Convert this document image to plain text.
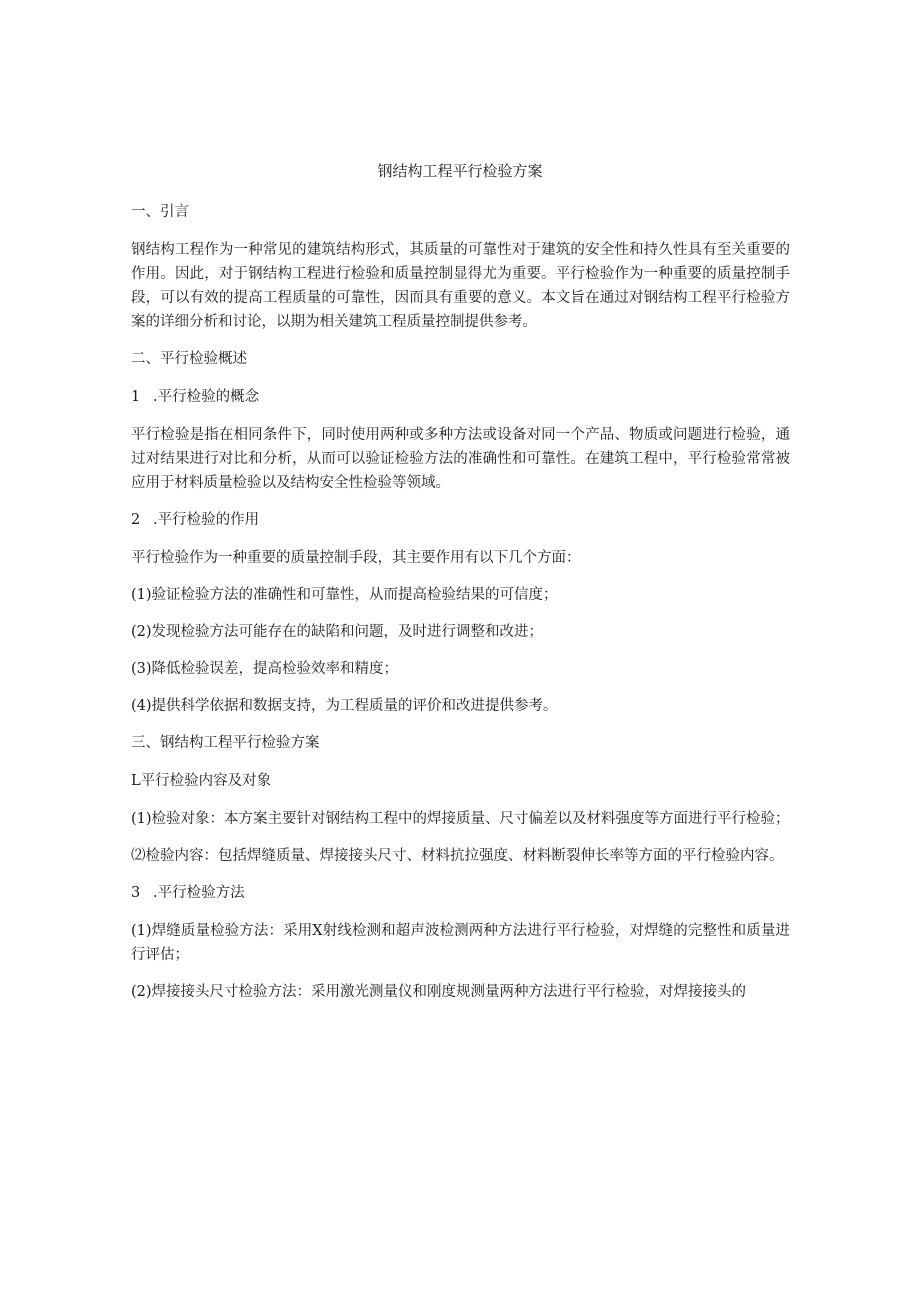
钢结构工程平行检验方案

一、引言

钢结构工程作为一种常见的建筑结构形式，其质量的可靠性对于建筑的安全性和持久性具有至关重要的作用。因此，对于钢结构工程进行检验和质量控制显得尤为重要。平行检验作为一种重要的质量控制手段，可以有效的提高工程质量的可靠性，因而具有重要的意义。本文旨在通过对钢结构工程平行检验方案的详细分析和讨论，以期为相关建筑工程质量控制提供参考。

二、平行检验概述

1 .平行检验的概念

平行检验是指在相同条件下，同时使用两种或多种方法或设备对同一个产品、物质或问题进行检验，通过对结果进行对比和分析，从而可以验证检验方法的准确性和可靠性。在建筑工程中，平行检验常常被应用于材料质量检验以及结构安全性检验等领域。

2 .平行检验的作用

平行检验作为一种重要的质量控制手段，其主要作用有以下几个方面：

(1)验证检验方法的准确性和可靠性，从而提高检验结果的可信度；

(2)发现检验方法可能存在的缺陷和问题，及时进行调整和改进；

(3)降低检验误差，提高检验效率和精度；

(4)提供科学依据和数据支持，为工程质量的评价和改进提供参考。

三、钢结构工程平行检验方案

L平行检验内容及对象

(1)检验对象：本方案主要针对钢结构工程中的焊接质量、尺寸偏差以及材料强度等方面进行平行检验；

⑵检验内容：包括焊缝质量、焊接接头尺寸、材料抗拉强度、材料断裂伸长率等方面的平行检验内容。

3 .平行检验方法

(1)焊缝质量检验方法：采用X射线检测和超声波检测两种方法进行平行检验，对焊缝的完整性和质量进行评估；

(2)焊接接头尺寸检验方法：采用激光测量仪和刚度规测量两种方法进行平行检验，对焊接接头的
